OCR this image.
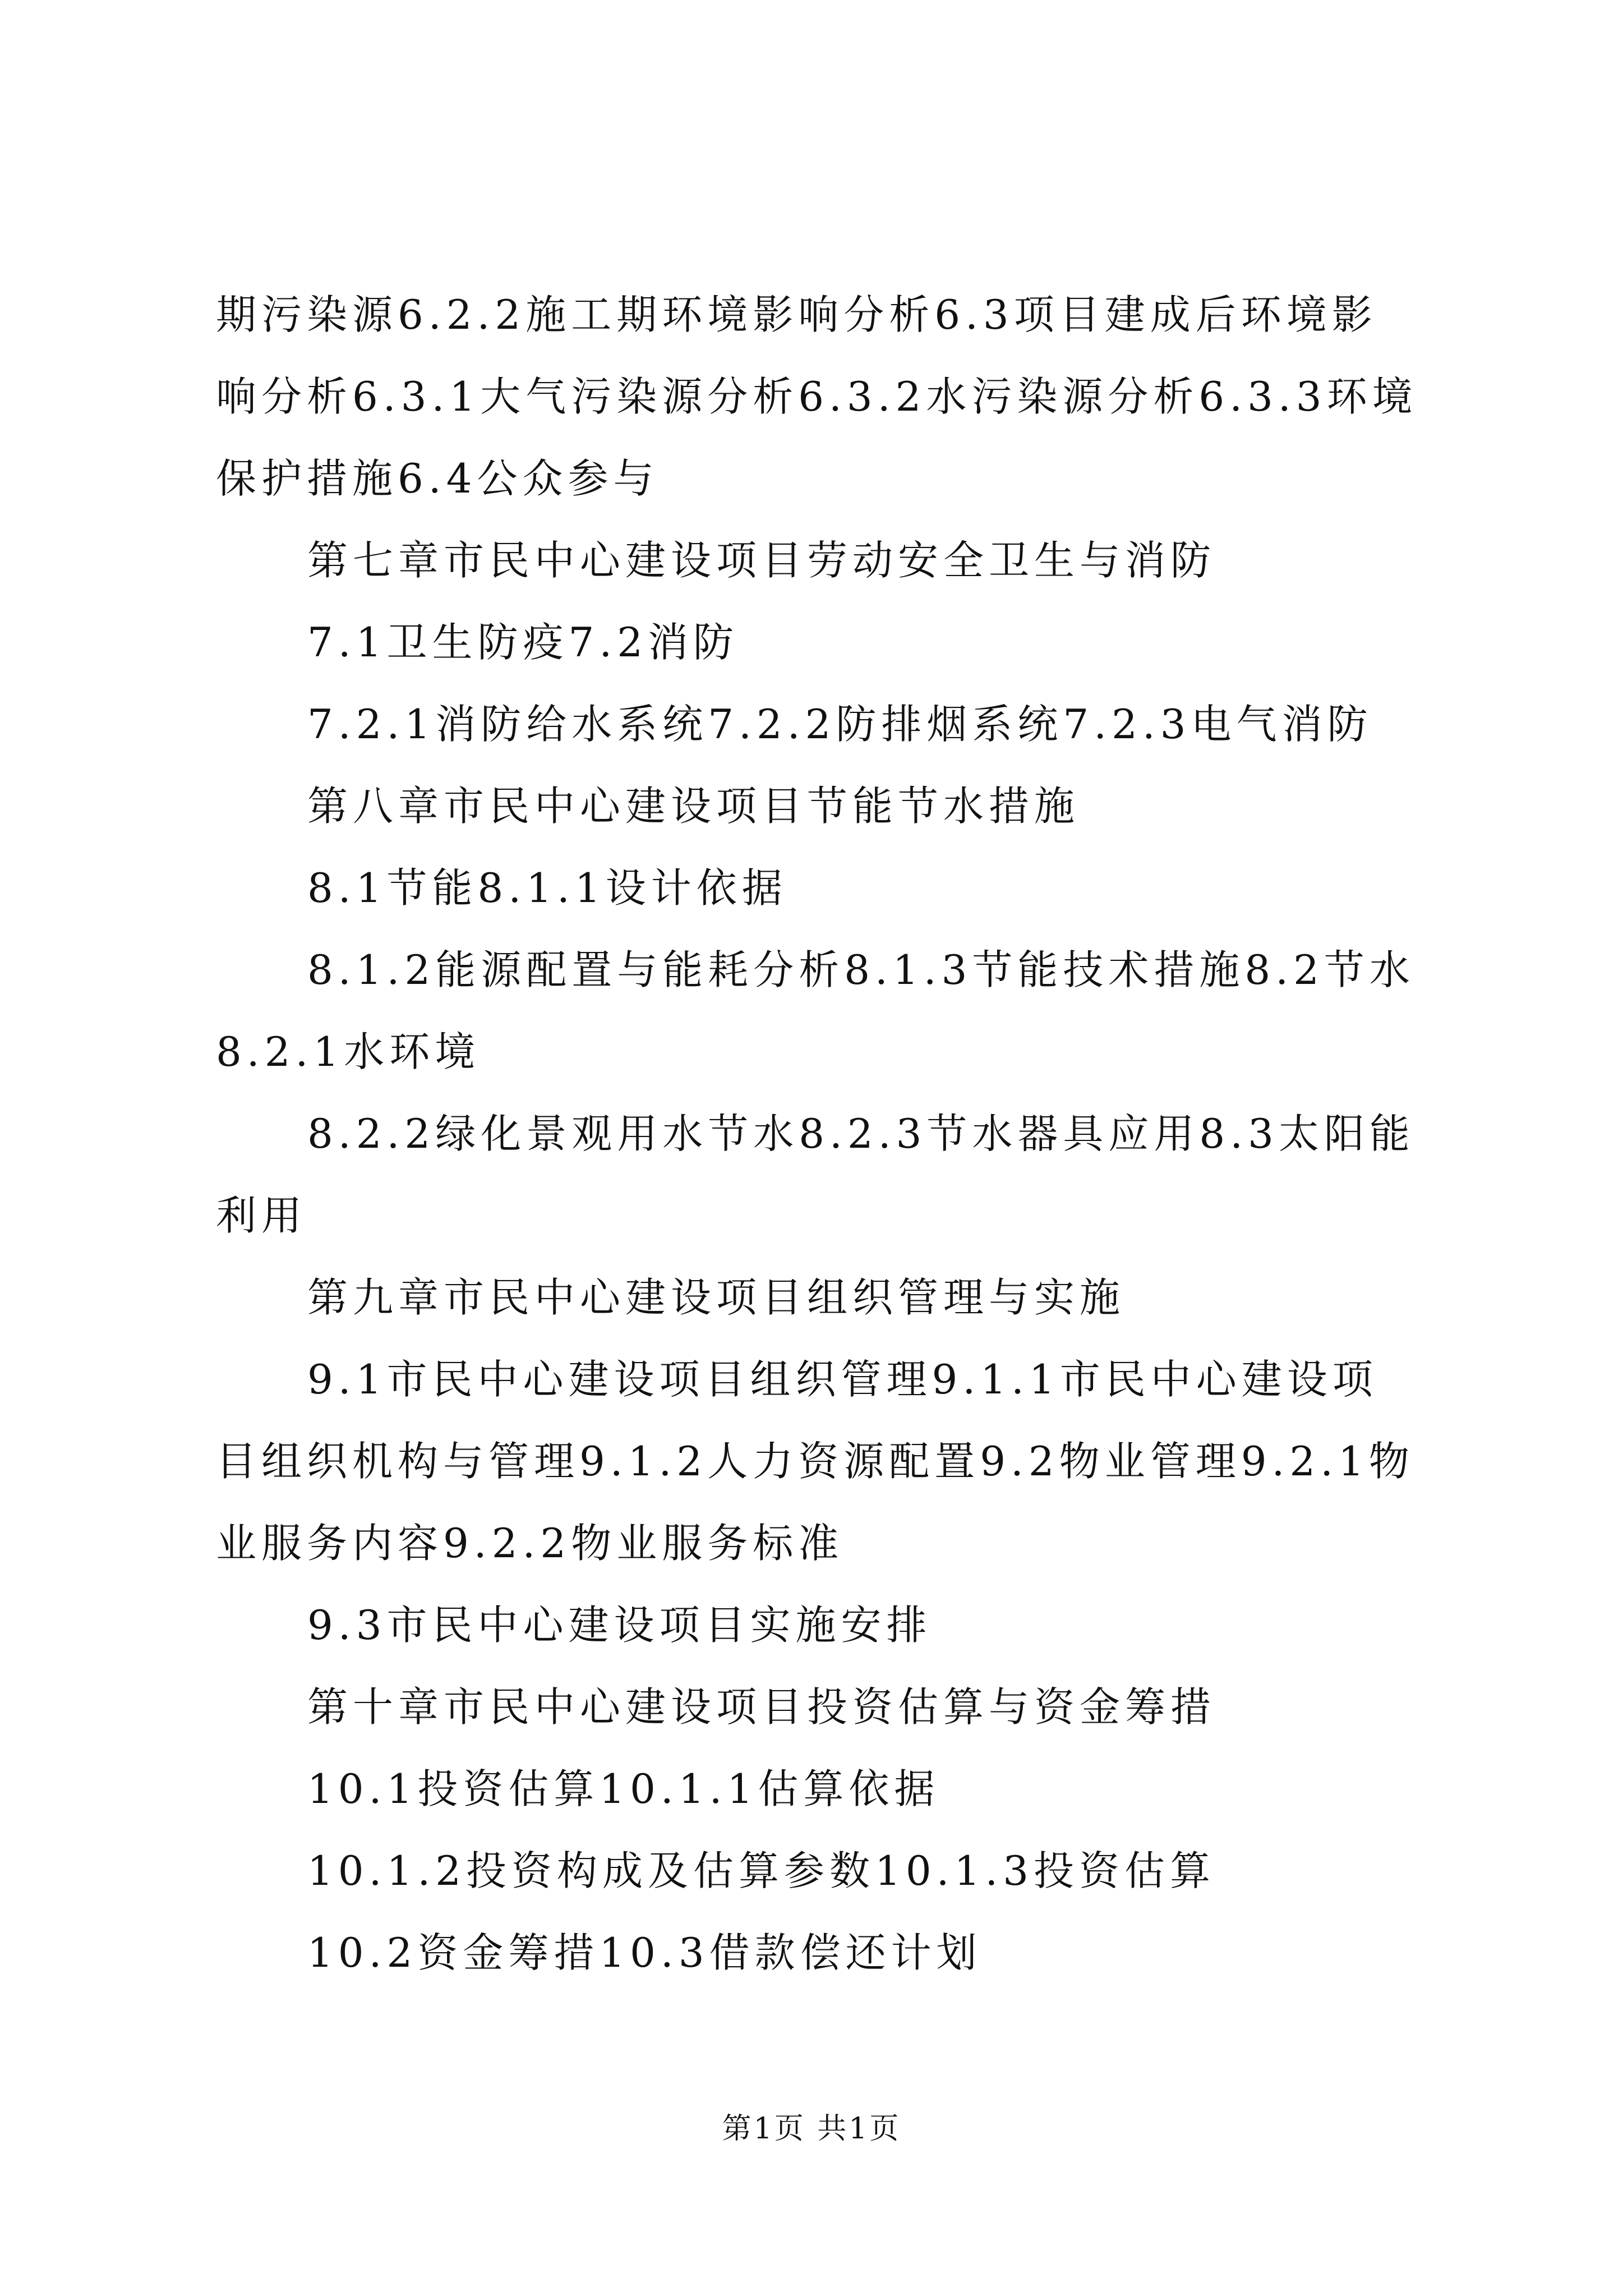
期污染源6.2.2施工期环境影响分析6.3项目建成后环境影响分析6.3.1大气污染源分析6.3.2水污染源分析6.3.3环境保护措施6.4公众参与

第七章市民中心建设项目劳动安全卫生与消防

7.1卫生防疫7.2消防

7.2.1消防给水系统7.2.2防排烟系统7.2.3电气消防

第八章市民中心建设项目节能节水措施

8.1节能8.1.1设计依据

8.1.2能源配置与能耗分析8.1.3节能技术措施8.2节水8.2.1水环境

8.2.2绿化景观用水节水8.2.3节水器具应用8.3太阳能利用

第九章市民中心建设项目组织管理与实施

9.1市民中心建设项目组织管理9.1.1市民中心建设项目组织机构与管理9.1.2人力资源配置9.2物业管理9.2.1物业服务内容9.2.2物业服务标准

9.3市民中心建设项目实施安排

第十章市民中心建设项目投资估算与资金筹措

10.1投资估算10.1.1估算依据

10.1.2投资构成及估算参数10.1.3投资估算

10.2资金筹措10.3借款偿还计划

第1页 共1页
